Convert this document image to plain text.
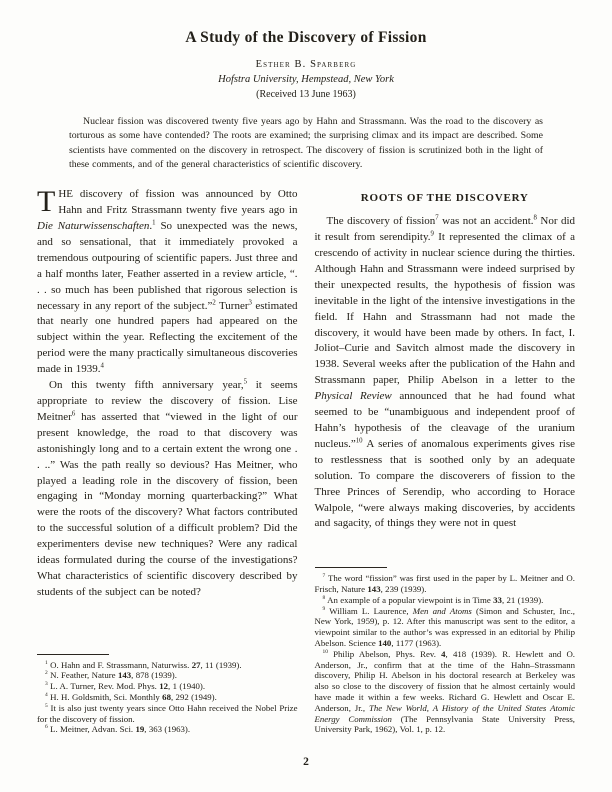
A Study of the Discovery of Fission
Esther B. Sparberg
Hofstra University, Hempstead, New York
(Received 13 June 1963)

Nuclear fission was discovered twenty five years ago by Hahn and Strassmann. Was the road to the discovery as torturous as some have contended? The roots are examined; the surprising climax and its impact are described. Some scientists have commented on the discovery in retrospect. The discovery of fission is scrutinized both in the light of these comments, and of the general characteristics of scientific discovery.

THE discovery of fission was announced by Otto Hahn and Fritz Strassmann twenty five years ago in Die Naturwissenschaften.$^1$ So unexpected was the news, and so sensational, that it immediately provoked a tremendous outpouring of scientific papers. Just three and a half months later, Feather asserted in a review article, “. . . so much has been published that rigorous selection is necessary in any report of the subject.”$^2$ Turner$^3$ estimated that nearly one hundred papers had appeared on the subject within the year. Reflecting the excitement of the period were the many practically simultaneous discoveries made in 1939.$^4$

On this twenty fifth anniversary year,$^5$ it seems appropriate to review the discovery of fission. Lise Meitner$^6$ has asserted that “viewed in the light of our present knowledge, the road to that discovery was astonishingly long and to a certain extent the wrong one . . ..” Was the path really so devious? Has Meitner, who played a leading role in the discovery of fission, been engaging in “Monday morning quarterbacking?” What were the roots of the discovery? What factors contributed to the successful solution of a difficult problem? Did the experimenters devise new techniques? Were any radical ideas formulated during the course of the investigations? What characteristics of scientific discovery described by students of the subject can be noted?

$^1$ O. Hahn and F. Strassmann, Naturwiss. 27, 11 (1939).

$^2$ N. Feather, Nature 143, 878 (1939).

$^3$ L. A. Turner, Rev. Mod. Phys. 12, 1 (1940).

$^4$ H. H. Goldsmith, Sci. Monthly 68, 292 (1949).

$^5$ It is also just twenty years since Otto Hahn received the Nobel Prize for the discovery of fission.

$^6$ L. Meitner, Advan. Sci. 19, 363 (1963).

ROOTS OF THE DISCOVERY

The discovery of fission$^7$ was not an accident.$^8$ Nor did it result from serendipity.$^9$ It represented the climax of a crescendo of activity in nuclear science during the thirties. Although Hahn and Strassmann were indeed surprised by their unexpected results, the hypothesis of fission was inevitable in the light of the intensive investigations in the field. If Hahn and Strassmann had not made the discovery, it would have been made by others. In fact, I. Joliot–Curie and Savitch almost made the discovery in 1938. Several weeks after the publication of the Hahn and Strassmann paper, Philip Abelson in a letter to the Physical Review announced that he had found what seemed to be “unambiguous and independent proof of Hahn’s hypothesis of the cleavage of the uranium nucleus.”$^{10}$ A series of anomalous experiments gives rise to restlessness that is soothed only by an adequate solution. To compare the discoverers of fission to the Three Princes of Serendip, who according to Horace Walpole, “were always making discoveries, by accidents and sagacity, of things they were not in quest

$^7$ The word “fission” was first used in the paper by L. Meitner and O. Frisch, Nature 143, 239 (1939).

$^8$ An example of a popular viewpoint is in Time 33, 21 (1939).

$^9$ William L. Laurence, Men and Atoms (Simon and Schuster, Inc., New York, 1959), p. 12. After this manuscript was sent to the editor, a viewpoint similar to the author’s was expressed in an editorial by Philip Abelson. Science 140, 1177 (1963).

$^{10}$ Philip Abelson, Phys. Rev. 4, 418 (1939). R. Hewlett and O. Anderson, Jr., confirm that at the time of the Hahn–Strassmann discovery, Philip H. Abelson in his doctoral research at Berkeley was also so close to the discovery of fission that he almost certainly would have made it within a few weeks. Richard G. Hewlett and Oscar E. Anderson, Jr., The New World, A History of the United States Atomic Energy Commission (The Pennsylvania State University Press, University Park, 1962), Vol. 1, p. 12.

2
